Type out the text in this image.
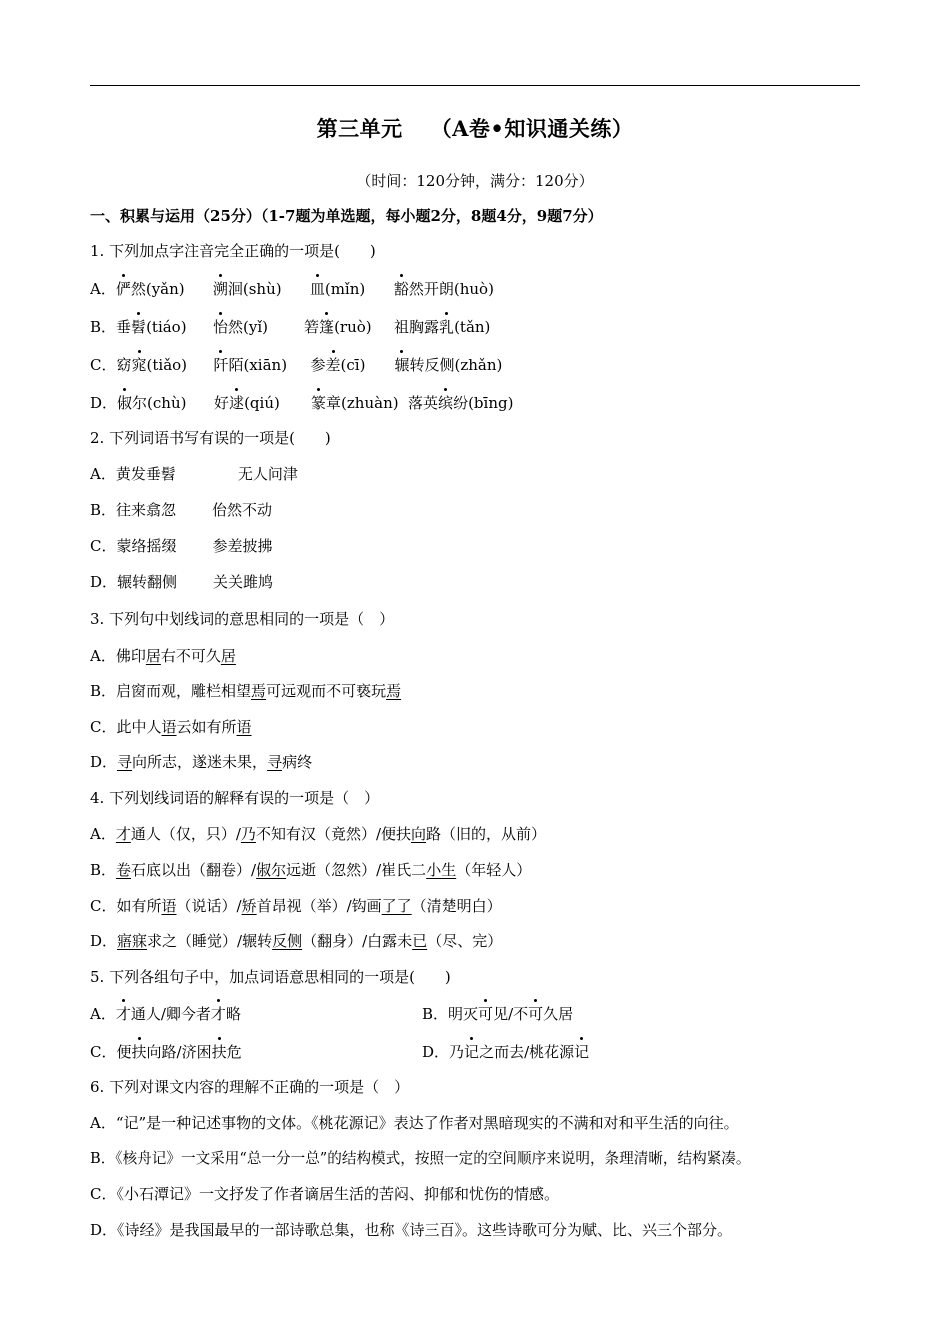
第三单元 （A卷•知识通关练）
（时间：120分钟，满分：120分）
一、积累与运用（25分）（1-7题为单选题，每小题2分，8题4分，9题7分）
1. 下列加点字注音完全正确的一项是(　　)
A．俨然(yǎn) 溯洄(shù) 皿(mǐn) 豁然开朗(huò)
B．垂髫(tiáo) 怡然(yǐ) 箬篷(ruò) 祖胸露乳(tǎn)
C．窈窕(tiǎo) 阡陌(xiān) 参差(cī) 辗转反侧(zhǎn)
D．俶尔(chù) 好逑(qiú) 篆章(zhuàn) 落英缤纷(bīng)
2. 下列词语书写有误的一项是(　　)
A．黄发垂髫	无人问津
B．往来翕忽 佁然不动
C．蒙络摇缀 参差披拂
D．辗转翻侧 关关雎鸠
3. 下列句中划线词的意思相同的一项是（　）
A．佛印居右不可久居
B．启窗而观，雕栏相望焉可远观而不可亵玩焉
C．此中人语云如有所语
D．寻向所志，遂迷未果，寻病终
4. 下列划线词语的解释有误的一项是（　）
A．才通人（仅，只）/乃不知有汉（竟然）/便扶向路（旧的，从前）
B．卷石底以出（翻卷）/俶尔远逝（忽然）/崔氏二小生（年轻人）
C．如有所语（说话）/矫首昂视（举）/钩画了了（清楚明白）
D．寤寐求之（睡觉）/辗转反侧（翻身）/白露未已（尽、完）
5. 下列各组句子中，加点词语意思相同的一项是(　　)
A．才通人/卿今者才略	B．明灭可见/不可久居
C．便扶向路/济困扶危	D．乃记之而去/桃花源记
6. 下列对课文内容的理解不正确的一项是（　）
A．“记”是一种记述事物的文体。《桃花源记》表达了作者对黑暗现实的不满和对和平生活的向往。
B．《核舟记》一文采用“总一分一总”的结构模式，按照一定的空间顺序来说明，条理清晰，结构紧凑。
C．《小石潭记》一文抒发了作者谪居生活的苦闷、抑郁和忧伤的情感。
D．《诗经》是我国最早的一部诗歌总集，也称《诗三百》。这些诗歌可分为赋、比、兴三个部分。
